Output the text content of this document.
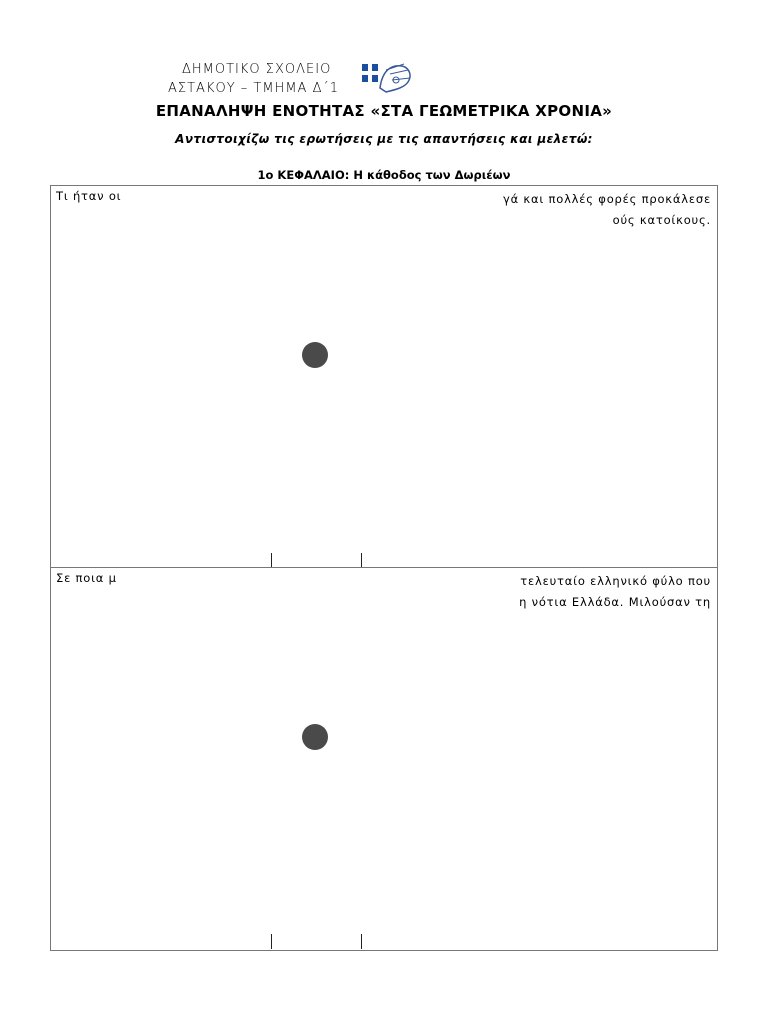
ΔΗΜΟΤΙΚΟ ΣΧΟΛΕΙΟ
ΑΣΤΑΚΟΥ – ΤΜΗΜΑ Δ΄1
ΕΠΑΝΑΛΗΨΗ ΕΝΟΤΗΤΑΣ «ΣΤΑ ΓΕΩΜΕΤΡΙΚΑ ΧΡΟΝΙΑ»
Αντιστοιχίζω τις ερωτήσεις με τις απαντήσεις και μελετώ:
1ο ΚΕΦΑΛΑΙΟ: Η κάθοδος των Δωριέων
Τι ήταν οι	γά και πολλές φορές προκάλεσε
ούς κατοίκους.
Σε ποια μ	τελευταίο ελληνικό φύλο που
η νότια Ελλάδα. Μιλούσαν τη
